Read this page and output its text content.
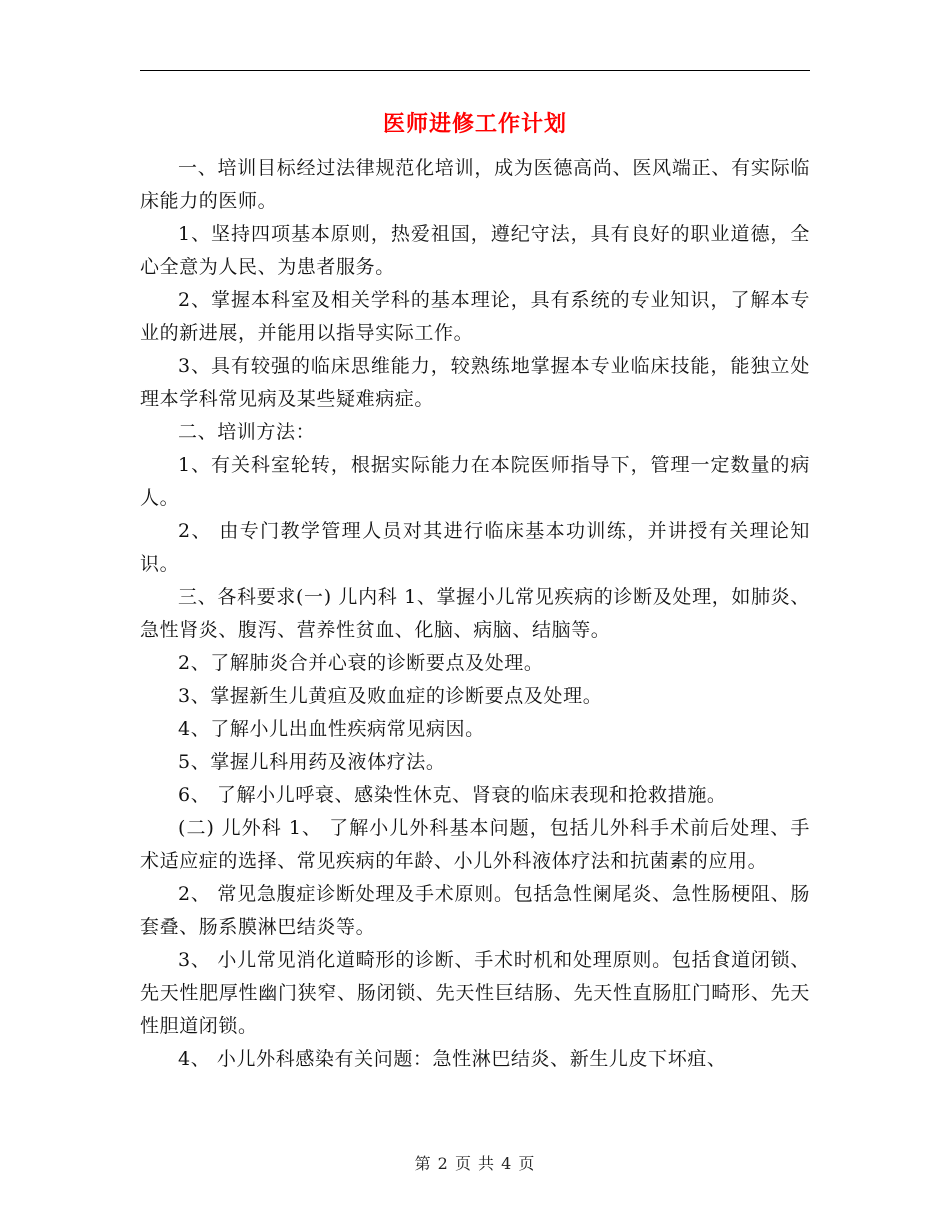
医师进修工作计划

一、培训目标经过法律规范化培训，成为医德高尚、医风端正、有实际临床能力的医师。

1、坚持四项基本原则，热爱祖国，遵纪守法，具有良好的职业道德，全心全意为人民、为患者服务。

2、掌握本科室及相关学科的基本理论，具有系统的专业知识，了解本专业的新进展，并能用以指导实际工作。

3、具有较强的临床思维能力，较熟练地掌握本专业临床技能，能独立处理本学科常见病及某些疑难病症。

二、培训方法：

1、有关科室轮转，根据实际能力在本院医师指导下，管理一定数量的病人。

2、 由专门教学管理人员对其进行临床基本功训练，并讲授有关理论知识。

三、各科要求(一) 儿内科 1、掌握小儿常见疾病的诊断及处理，如肺炎、急性肾炎、腹泻、营养性贫血、化脑、病脑、结脑等。

2、了解肺炎合并心衰的诊断要点及处理。

3、掌握新生儿黄疸及败血症的诊断要点及处理。

4、了解小儿出血性疾病常见病因。

5、掌握儿科用药及液体疗法。

6、 了解小儿呼衰、感染性休克、肾衰的临床表现和抢救措施。

(二) 儿外科 1、 了解小儿外科基本问题，包括儿外科手术前后处理、手术适应症的选择、常见疾病的年龄、小儿外科液体疗法和抗菌素的应用。

2、 常见急腹症诊断处理及手术原则。包括急性阑尾炎、急性肠梗阻、肠套叠、肠系膜淋巴结炎等。

3、 小儿常见消化道畸形的诊断、手术时机和处理原则。包括食道闭锁、先天性肥厚性幽门狭窄、肠闭锁、先天性巨结肠、先天性直肠肛门畸形、先天性胆道闭锁。

4、 小儿外科感染有关问题：急性淋巴结炎、新生儿皮下坏疽、

第 2 页 共 4 页
